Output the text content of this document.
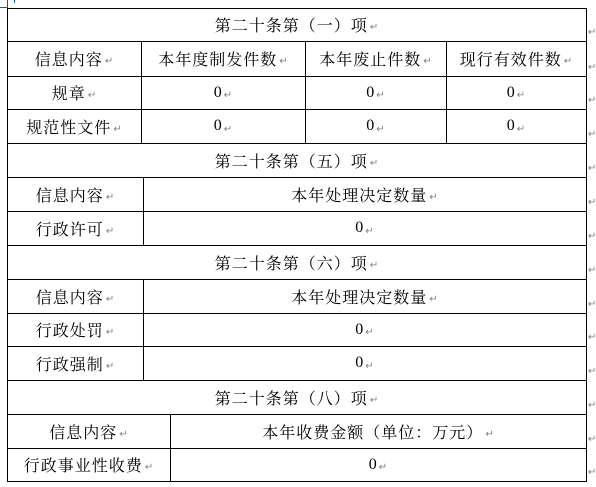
第二十条第（一）项 ↵	↵
信息内容 ↵	本年度制发件数 ↵ 本年废止件数 ↵ 现行有效件数 ↵
↵
规章 ↵	0 ↵	0 ↵	0 ↵	↵
规范性文件 ↵	0 ↵	0 ↵	0 ↵	↵
第二十条第（五）项 ↵	↵
信息内容 ↵	本年处理决定数量 ↵	↵
行政许可 ↵	0 ↵	↵
第二十条第（六）项 ↵	↵
信息内容 ↵	本年处理决定数量 ↵	↵
行政处罚 ↵	0 ↵	↵
行政强制 ↵	0 ↵	↵
第二十条第（八）项 ↵	↵
信息内容 ↵	本年收费金额（单位：万元） ↵	↵
行政事业性收费 ↵	0 ↵	↵
